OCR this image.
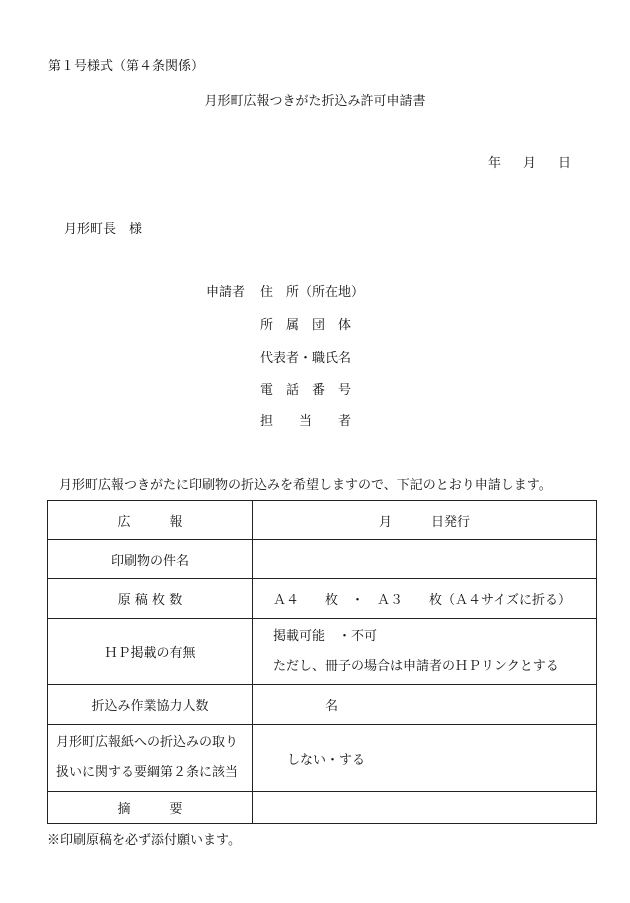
第１号様式（第４条関係）
月形町広報つきがた折込み許可申請書
年 月 日
月形町長　様
申請者 住　所（所在地）
所　属　団　体
代表者・職氏名
電　話　番　号
担　　当　　者
月形町広報つきがたに印刷物の折込みを希望しますので、下記のとおり申請します。
広　　　報	月　　　日発行
印刷物の件名	
原 稿 枚 数	Ａ４　　枚　・　Ａ３　　枚（Ａ４サイズに折る）
ＨＰ掲載の有無	掲載可能　・不可
ただし、冊子の場合は申請者のＨＰリンクとする

折込み作業協力人数	名

月形町広報紙への折込みの取り
扱いに関する要綱第２条に該当	しない・する
摘　　　要	
※印刷原稿を必ず添付願います。
